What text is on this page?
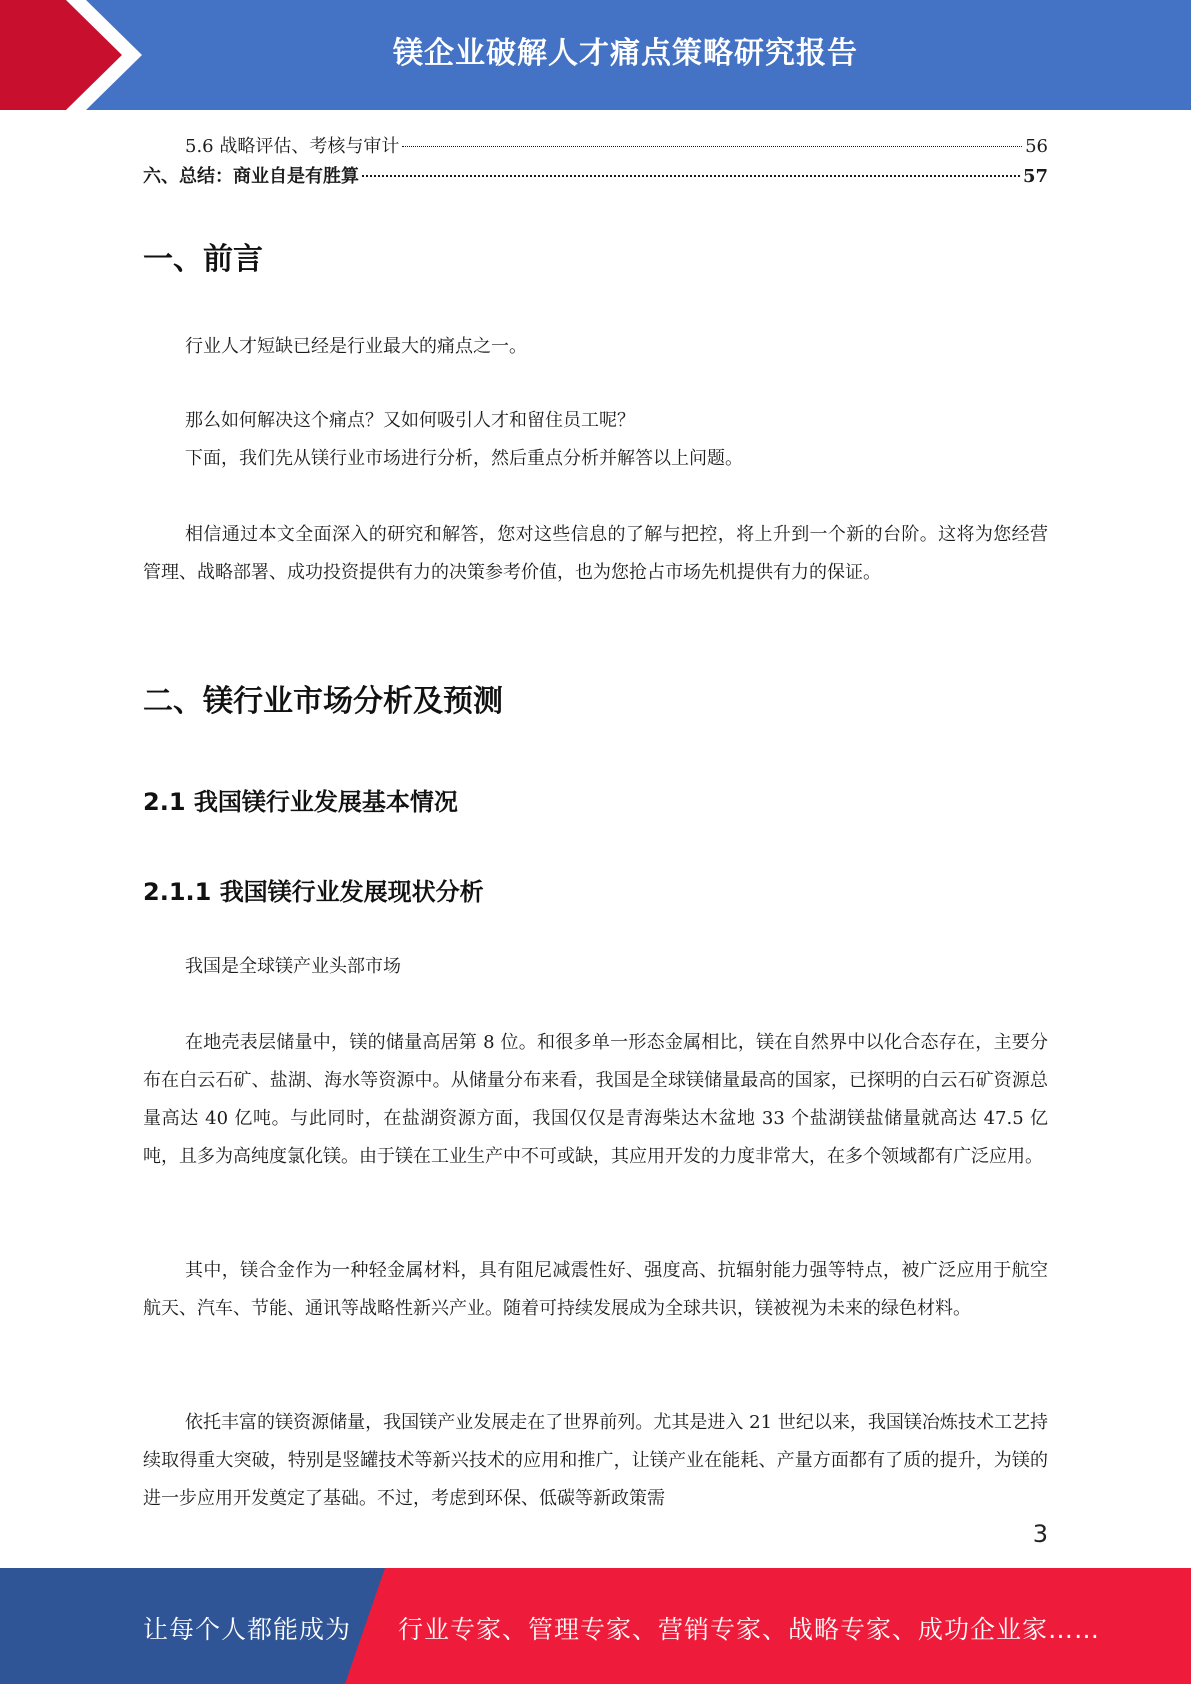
镁企业破解人才痛点策略研究报告
5.6 战略评估、考核与审计	56
六、总结：商业自是有胜算	57
一、前言

行业人才短缺已经是行业最大的痛点之一。

那么如何解决这个痛点？又如何吸引人才和留住员工呢？

下面，我们先从镁行业市场进行分析，然后重点分析并解答以上问题。

相信通过本文全面深入的研究和解答，您对这些信息的了解与把控，将上升到一个新的台阶。这将为您经营管理、战略部署、成功投资提供有力的决策参考价值，也为您抢占市场先机提供有力的保证。

二、镁行业市场分析及预测
2.1 我国镁行业发展基本情况
2.1.1 我国镁行业发展现状分析

我国是全球镁产业头部市场

在地壳表层储量中，镁的储量高居第 8 位。和很多单一形态金属相比，镁在自然界中以化合态存在，主要分布在白云石矿、盐湖、海水等资源中。从储量分布来看，我国是全球镁储量最高的国家，已探明的白云石矿资源总量高达 40 亿吨。与此同时，在盐湖资源方面，我国仅仅是青海柴达木盆地 33 个盐湖镁盐储量就高达 47.5 亿吨，且多为高纯度氯化镁。由于镁在工业生产中不可或缺，其应用开发的力度非常大，在多个领域都有广泛应用。

其中，镁合金作为一种轻金属材料，具有阻尼减震性好、强度高、抗辐射能力强等特点，被广泛应用于航空航天、汽车、节能、通讯等战略性新兴产业。随着可持续发展成为全球共识，镁被视为未来的绿色材料。

依托丰富的镁资源储量，我国镁产业发展走在了世界前列。尤其是进入 21 世纪以来，我国镁冶炼技术工艺持续取得重大突破，特别是竖罐技术等新兴技术的应用和推广，让镁产业在能耗、产量方面都有了质的提升，为镁的进一步应用开发奠定了基础。不过，考虑到环保、低碳等新政策需

3
让每个人都能成为 行业专家、管理专家、营销专家、战略专家、成功企业家……
